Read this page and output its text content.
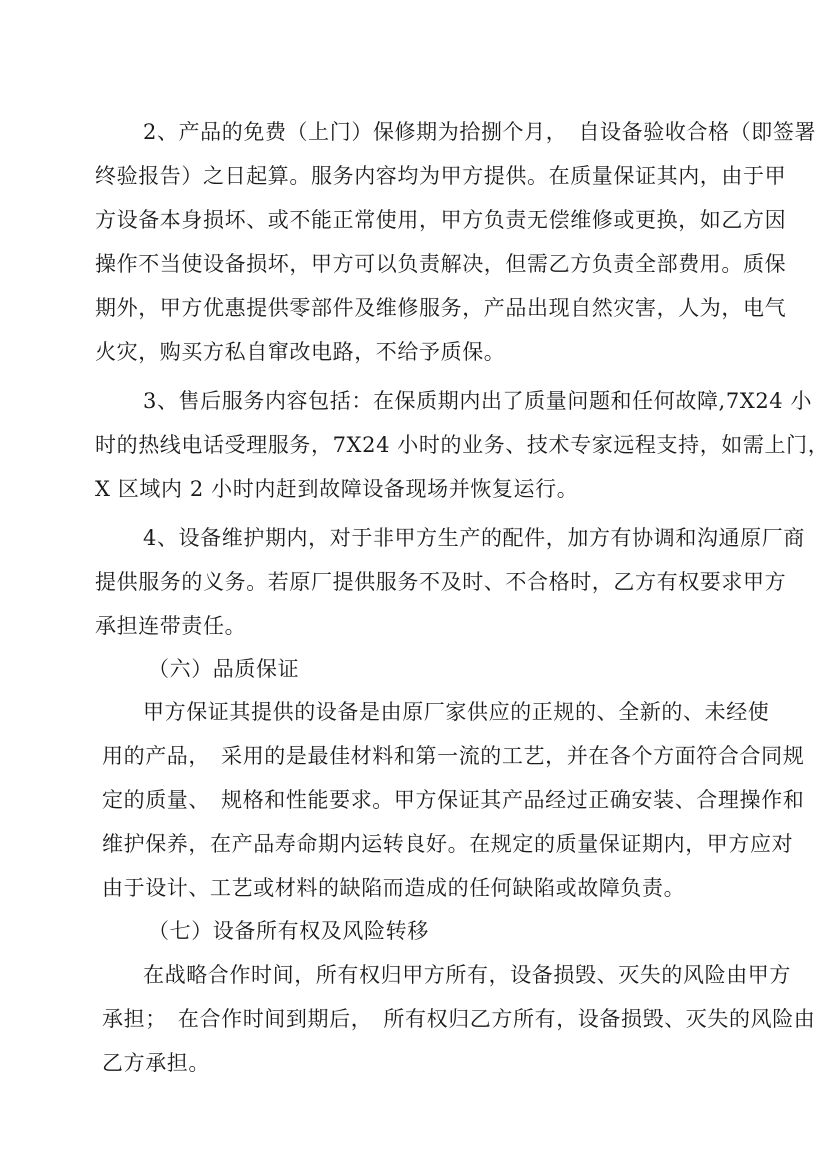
2、产品的免费（上门）保修期为拾捌个月，　自设备验收合格（即签署
终验报告）之日起算。服务内容均为甲方提供。在质量保证其内，由于甲
方设备本身损坏、或不能正常使用，甲方负责无偿维修或更换，如乙方因
操作不当使设备损坏，甲方可以负责解决，但需乙方负责全部费用。质保
期外，甲方优惠提供零部件及维修服务，产品出现自然灾害，人为，电气
火灾，购买方私自窜改电路，不给予质保。
3、售后服务内容包括：在保质期内出了质量问题和任何故障,7X24 小
时的热线电话受理服务，7X24 小时的业务、技术专家远程支持，如需上门，
X 区域内 2 小时内赶到故障设备现场并恢复运行。
4、设备维护期内，对于非甲方生产的配件，加方有协调和沟通原厂商
提供服务的义务。若原厂提供服务不及时、不合格时，乙方有权要求甲方
承担连带责任。
（六）品质保证
甲方保证其提供的设备是由原厂家供应的正规的、全新的、未经使
用的产品，　采用的是最佳材料和第一流的工艺，并在各个方面符合合同规
定的质量、　规格和性能要求。甲方保证其产品经过正确安装、合理操作和
维护保养，在产品寿命期内运转良好。在规定的质量保证期内，甲方应对
由于设计、工艺或材料的缺陷而造成的任何缺陷或故障负责。
（七）设备所有权及风险转移
在战略合作时间，所有权归甲方所有，设备损毁、灭失的风险由甲方
承担；　在合作时间到期后，　所有权归乙方所有，设备损毁、灭失的风险由
乙方承担。
